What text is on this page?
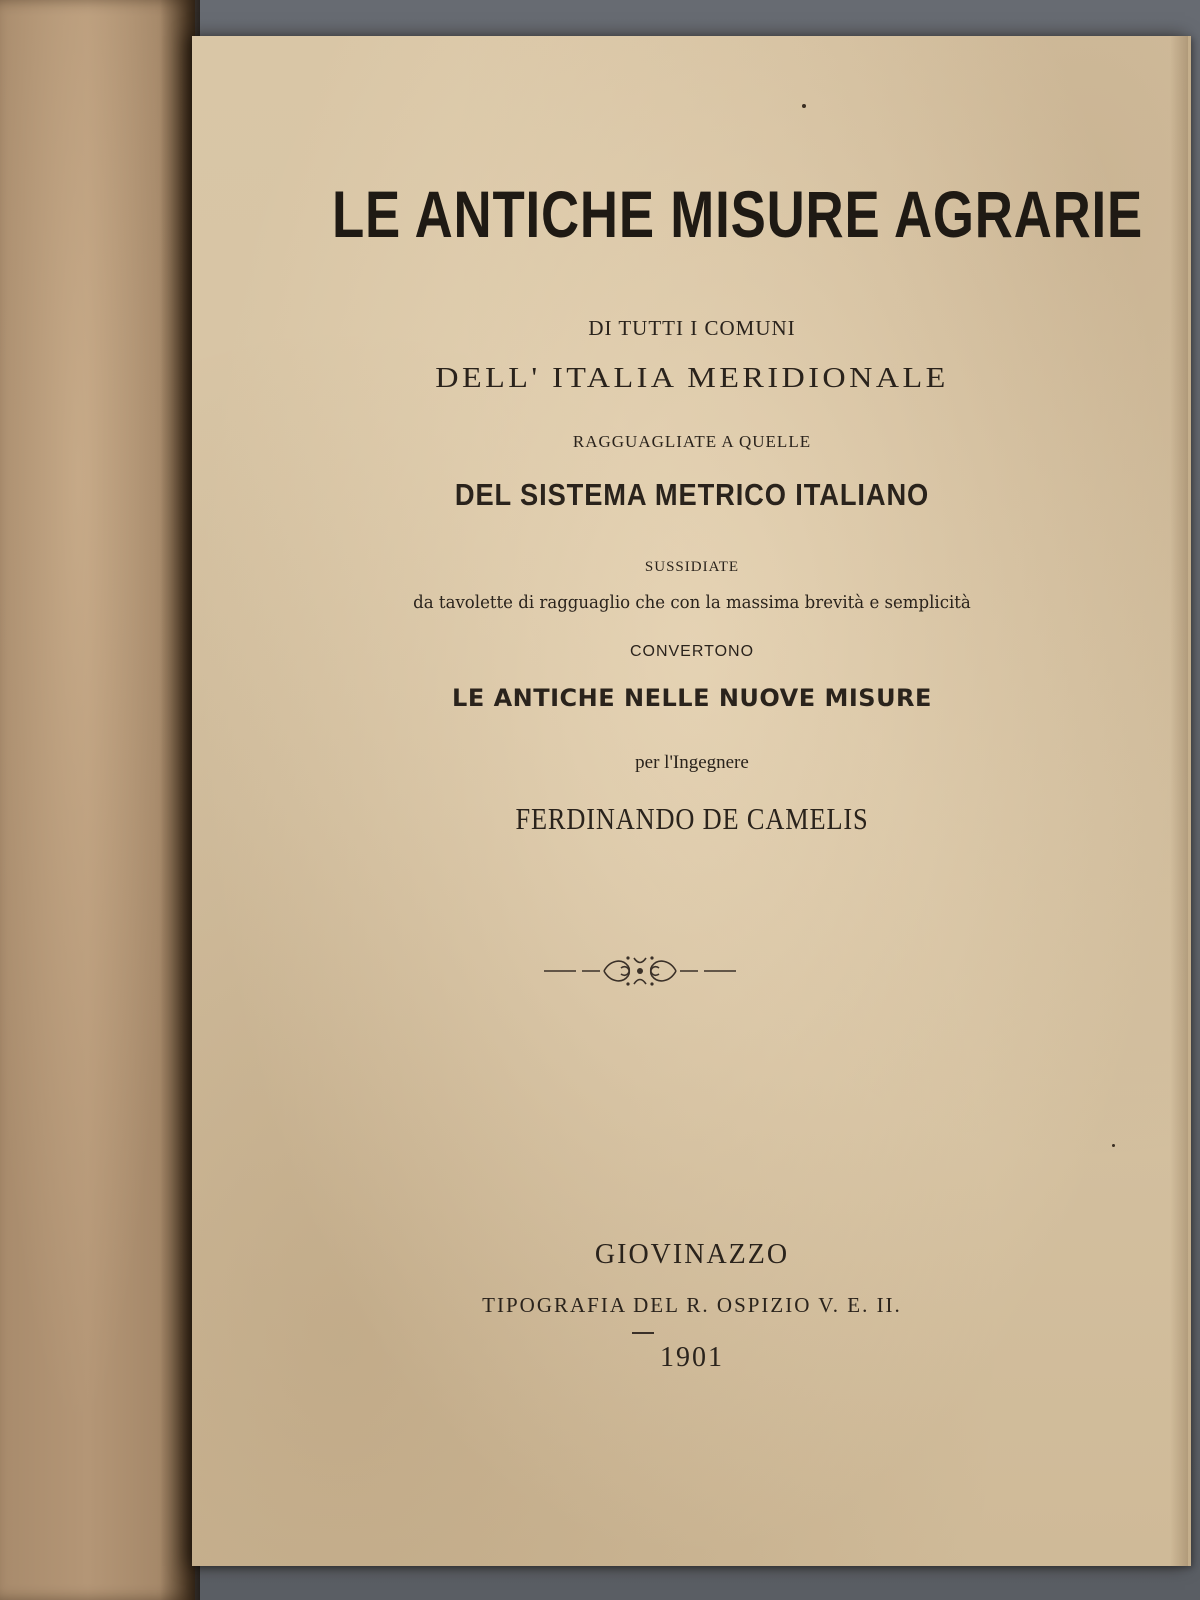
LE ANTICHE MISURE AGRARIE
DI TUTTI I COMUNI
DELL' ITALIA MERIDIONALE
RAGGUAGLIATE A QUELLE
DEL SISTEMA METRICO ITALIANO
SUSSIDIATE
da tavolette di ragguaglio che con la massima brevità e semplicità
CONVERTONO
LE ANTICHE NELLE NUOVE MISURE
per l'Ingegnere
FERDINANDO DE CAMELIS
GIOVINAZZO
TIPOGRAFIA DEL R. OSPIZIO V. E. II.
1901
